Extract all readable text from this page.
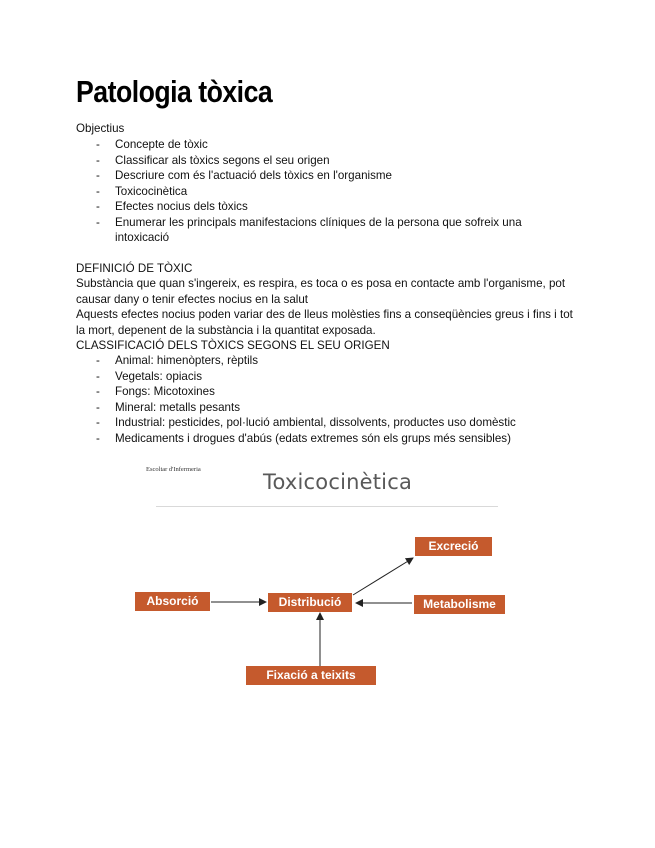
Patologia tòxica
Objectius
- Concepte de tòxic
- Classificar als tòxics segons el seu origen
- Descriure com és l'actuació dels tòxics en l'organisme
- Toxicocinètica
- Efectes nocius dels tòxics
- Enumerar les principals manifestacions clíniques de la persona que sofreix una intoxicació
DEFINICIÓ DE TÒXIC

Substància que quan s'ingereix, es respira, es toca o es posa en contacte amb l'organisme, pot causar dany o tenir efectes nocius en la salut

Aquests efectes nocius poden variar des de lleus molèsties fins a conseqüències greus i fins i tot la mort, depenent de la substància i la quantitat exposada.

CLASSIFICACIÓ DELS TÒXICS SEGONS EL SEU ORIGEN
- Animal: himenòpters, rèptils
- Vegetals: opiacis
- Fongs: Micotoxines
- Mineral: metalls pesants
- Industrial: pesticides, pol·lució ambiental, dissolvents, productes uso domèstic
- Medicaments i drogues d'abús (edats extremes són els grups més sensibles)
Escoltar d'Infermeria
Toxicocinètica
Absorció	Distribució
Excreció
Metabolisme
Fixació a teixits
